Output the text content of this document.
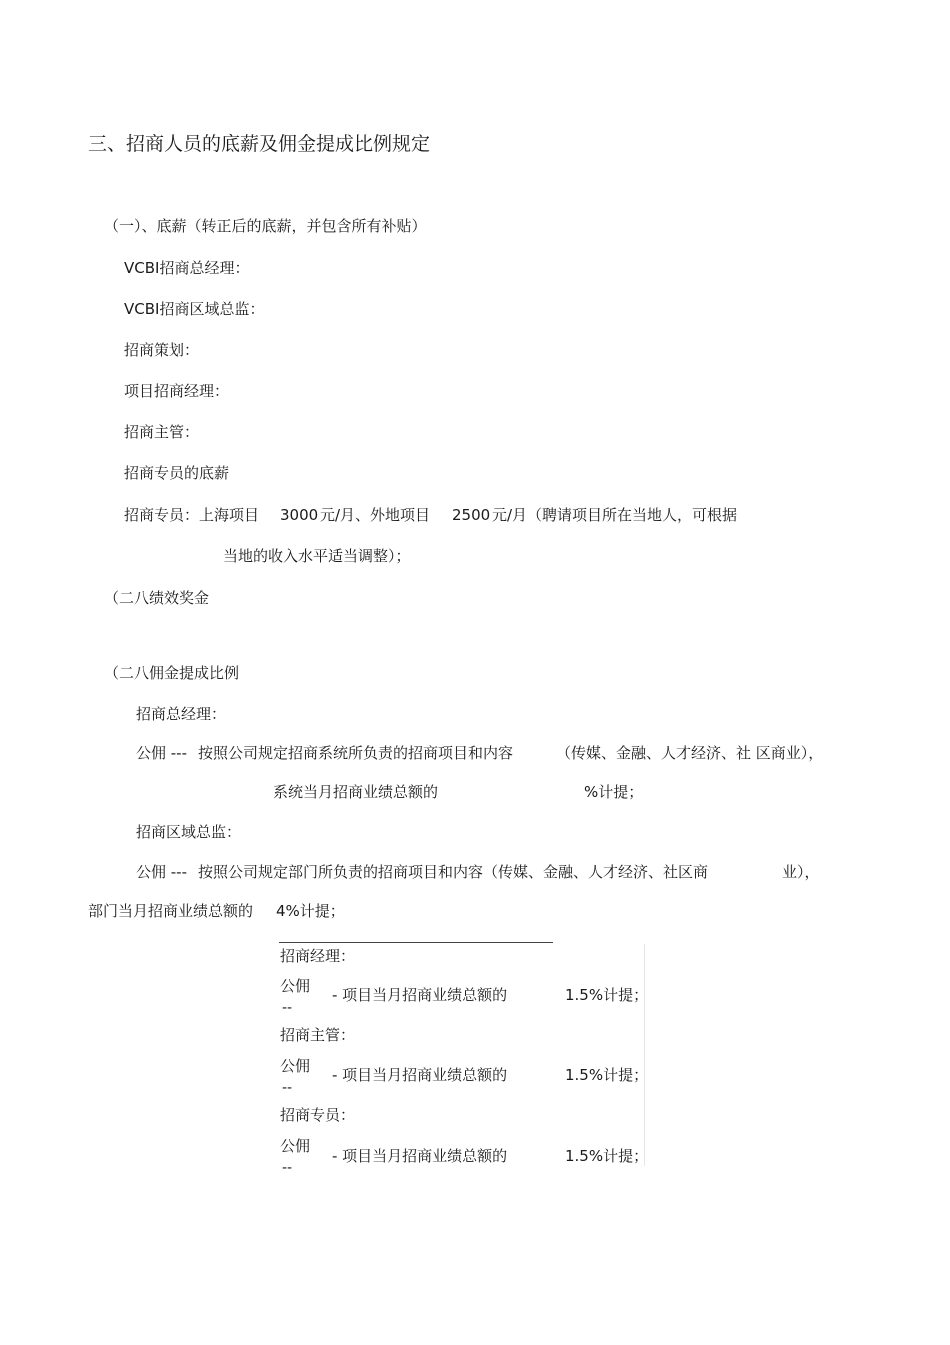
三、招商人员的底薪及佣金提成比例规定
（一）、底薪（转正后的底薪，并包含所有补贴）
VCBI招商总经理：
VCBI招商区域总监：
招商策划：
项目招商经理：
招商主管：
招商专员的底薪
招商专员：上海项目 3000 元/月、外地项目 2500 元/月（聘请项目所在当地人，可根据
当地的收入水平适当调整）；
（二八绩效奖金
（二八佣金提成比例
招商总经理：
公佣 --- 按照公司规定招商系统所负责的招商项目和内容	（传媒、金融、人才经济、社 区商业），
系统当月招商业绩总额的	%计提；
招商区域总监：
公佣 --- 按照公司规定部门所负责的招商项目和内容（传媒、金融、人才经济、社区商	业），
部门当月招商业绩总额的 4%计提；
招商经理：
公佣
--
- 项目当月招商业绩总额的	1.5%计提；
招商主管：
公佣
--
- 项目当月招商业绩总额的	1.5%计提；
招商专员：
公佣
--
- 项目当月招商业绩总额的	1.5%计提；
